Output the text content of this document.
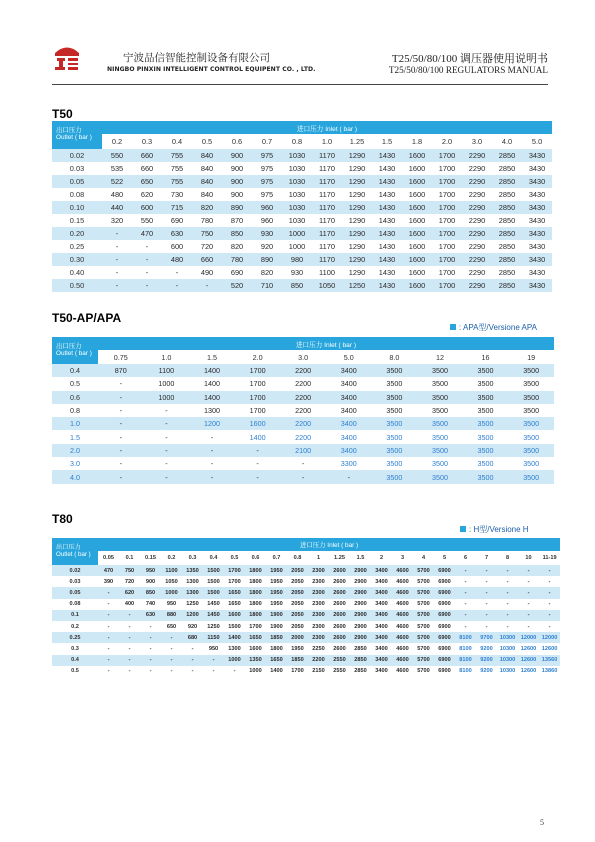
宁波品信智能控制设备有限公司
NINGBO PINXIN INTELLIGENT CONTROL EQUIPENT CO. , LTD.
T25/50/80/100 调压器使用说明书
T25/50/80/100 REGULATORS MANUAL
T50
T50-AP/APA
: APA型/Versione APA
T80
: H型/Versione H
出口压力
Outlet ( bar )	进口压力 Inlet ( bar )														
	0.2	0.3	0.4	0.5	0.6	0.7	0.8	1.0	1.25	1.5	1.8	2.0	3.0	4.0	5.0
0.02	550	660	755	840	900	975	1030	1170	1290	1430	1600	1700	2290	2850	3430
0.03	535	660	755	840	900	975	1030	1170	1290	1430	1600	1700	2290	2850	3430
0.05	522	650	755	840	900	975	1030	1170	1290	1430	1600	1700	2290	2850	3430
0.08	480	620	730	840	900	975	1030	1170	1290	1430	1600	1700	2290	2850	3430
0.10	440	600	715	820	890	960	1030	1170	1290	1430	1600	1700	2290	2850	3430
0.15	320	550	690	780	870	960	1030	1170	1290	1430	1600	1700	2290	2850	3430
0.20	-	470	630	750	850	930	1000	1170	1290	1430	1600	1700	2290	2850	3430
0.25	-	-	600	720	820	920	1000	1170	1290	1430	1600	1700	2290	2850	3430
0.30	-	-	480	660	780	890	980	1170	1290	1430	1600	1700	2290	2850	3430
0.40	-	-	-	490	690	820	930	1100	1290	1430	1600	1700	2290	2850	3430
0.50	-	-	-	-	520	710	850	1050	1250	1430	1600	1700	2290	2850	3430
出口压力
Outlet ( bar )	进口压力 Inlet ( bar )									
	0.75	1.0	1.5	2.0	3.0	5.0	8.0	12	16	19
0.4	870	1100	1400	1700	2200	3400	3500	3500	3500	3500
0.5	-	1000	1400	1700	2200	3400	3500	3500	3500	3500
0.6	-	1000	1400	1700	2200	3400	3500	3500	3500	3500
0.8	-	-	1300	1700	2200	3400	3500	3500	3500	3500
1.0	-	-	1200	1600	2200	3400	3500	3500	3500	3500
1.5	-	-	-	1400	2200	3400	3500	3500	3500	3500
2.0	-	-	-	-	2100	3400	3500	3500	3500	3500
3.0	-	-	-	-	-	3300	3500	3500	3500	3500
4.0	-	-	-	-	-	-	3500	3500	3500	3500
出口压力
Outlet ( bar )	进口压力 Inlet ( bar )																					
	0.05	0.1	0.15	0.2	0.3	0.4	0.5	0.6	0.7	0.8	1	1.25	1.5	2	3	4	5	6	7	8	10	11-19
0.02	470	750	950	1100	1350	1500	1700	1800	1950	2050	2300	2600	2900	3400	4600	5700	6900	-	-	-	-	-
0.03	390	720	900	1050	1300	1500	1700	1800	1950	2050	2300	2600	2900	3400	4600	5700	6900	-	-	-	-	-
0.05	-	620	850	1000	1300	1500	1650	1800	1950	2050	2300	2600	2900	3400	4600	5700	6900	-	-	-	-	-
0.08	-	400	740	950	1250	1450	1650	1800	1950	2050	2300	2600	2900	3400	4600	5700	6900	-	-	-	-	-
0.1	-	-	630	880	1200	1450	1600	1800	1900	2050	2300	2600	2900	3400	4600	5700	6900	-	-	-	-	-
0.2	-	-	-	650	920	1250	1500	1700	1900	2050	2300	2600	2900	3400	4600	5700	6900	-	-	-	-	-
0.25	-	-	-	-	680	1150	1400	1650	1850	2000	2300	2600	2900	3400	4600	5700	6900	8100	9700	10300	12000	12000
0.3	-	-	-	-	-	950	1300	1600	1800	1950	2250	2600	2850	3400	4600	5700	6900	8100	9200	10300	12600	12600
0.4	-	-	-	-	-	-	1000	1350	1650	1850	2200	2550	2850	3400	4600	5700	6900	8100	9200	10300	12600	13560
0.5	-	-	-	-	-	-	-	1000	1400	1700	2150	2550	2850	3400	4600	5700	6900	8100	9200	10300	12600	13860
5
